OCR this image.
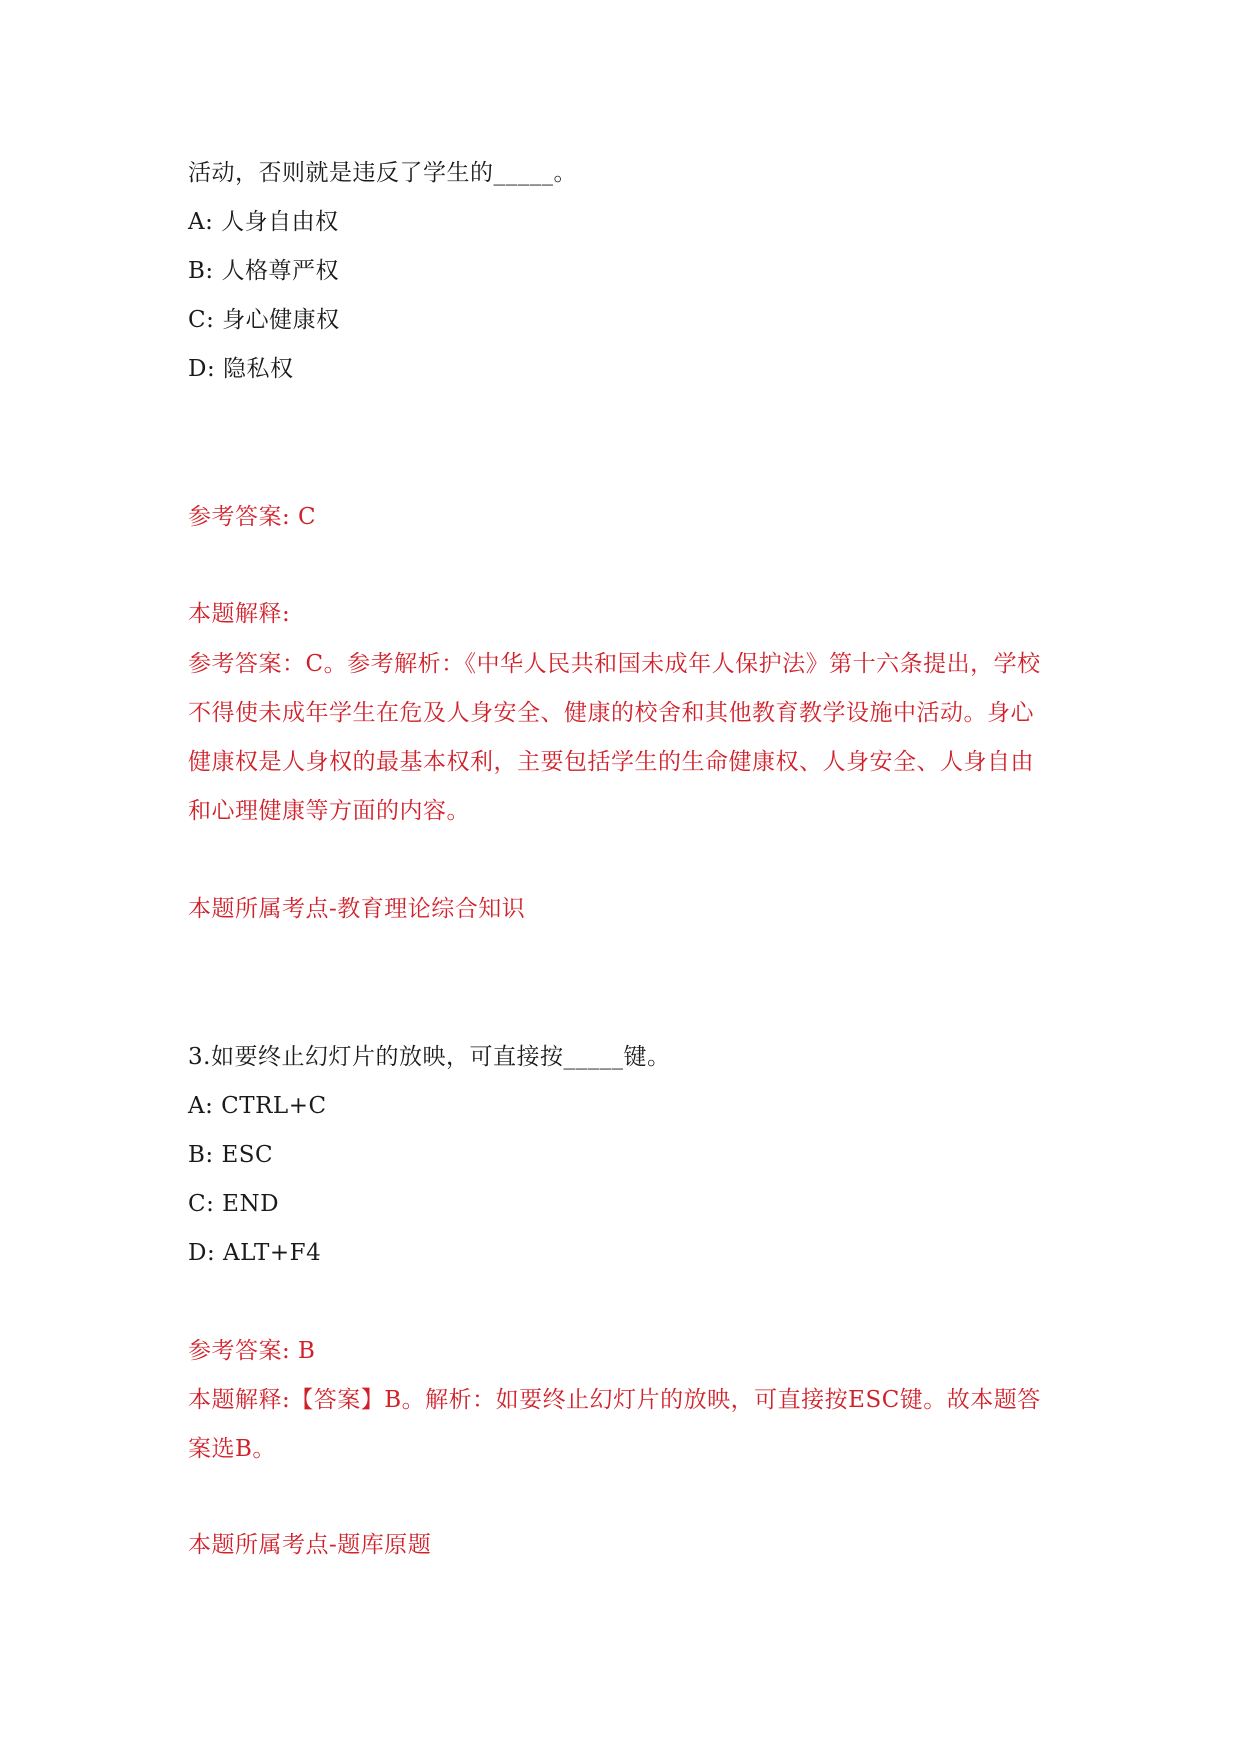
活动，否则就是违反了学生的_____。
A: 人身自由权
B: 人格尊严权
C: 身心健康权
D: 隐私权
参考答案: C
本题解释:
参考答案：C。参考解析：《中华人民共和国未成年人保护法》第十六条提出，学校不得使未成年学生在危及人身安全、健康的校舍和其他教育教学设施中活动。身心健康权是人身权的最基本权利，主要包括学生的生命健康权、人身安全、人身自由和心理健康等方面的内容。
本题所属考点-教育理论综合知识
3.如要终止幻灯片的放映，可直接按_____键。
A: CTRL+C
B: ESC
C: END
D: ALT+F4
参考答案: B
本题解释:【答案】B。解析：如要终止幻灯片的放映，可直接按ESC键。故本题答案选B。
本题所属考点-题库原题
